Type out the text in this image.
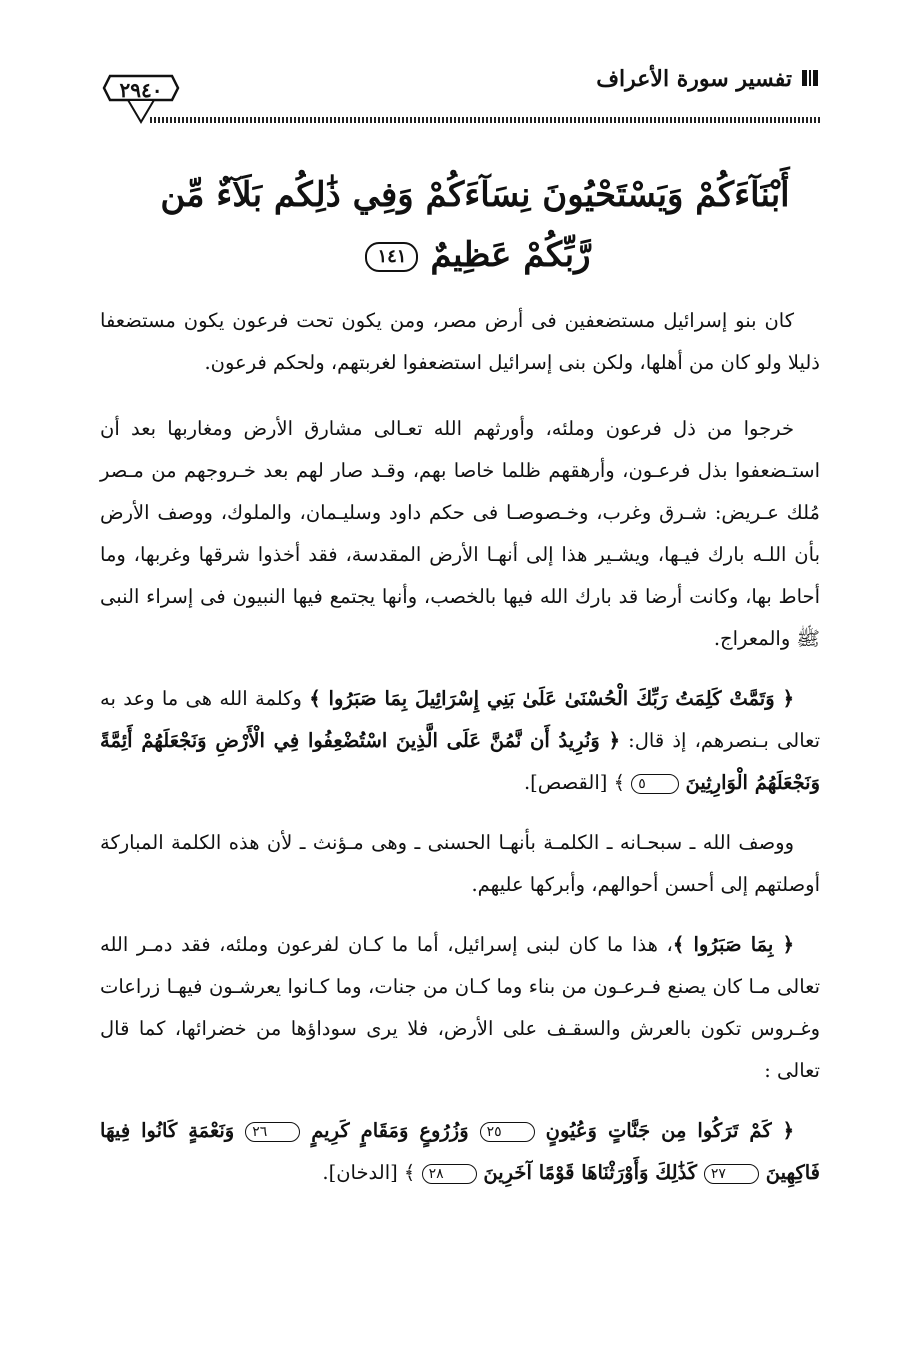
٢٩٤٠	تفسير سورة الأعراف
أَبْنَآءَكُمْ وَيَسْتَحْيُونَ نِسَآءَكُمْ وَفِي ذَٰلِكُم بَلَآءٌ مِّن
رَّبِّكُمْ عَظِيمٌ ١٤١

كان بنو إسرائيل مستضعفين فى أرض مصر، ومن يكون تحت فرعون يكون مستضعفا ذليلا ولو كان من أهلها، ولكن بنى إسرائيل استضعفوا لغربتهم، ولحكم فرعون.

خرجوا من ذل فرعون وملئه، وأورثهم الله تعـالى مشارق الأرض ومغاربها بعد أن استـضعفوا بذل فرعـون، وأرهقهم ظلما خاصا بهم، وقـد صار لهم بعد خـروجهم من مـصر مُلك عـريض: شـرق وغرب، وخـصوصـا فى حكم داود وسليـمان، والملوك، ووصف الأرض بأن اللـه بارك فيـها، ويشـير هذا إلى أنهـا الأرض المقدسة، فقد أخذوا شرقها وغربها، وما أحاط بها، وكانت أرضا قد بارك الله فيها بالخصب، وأنها يجتمع فيها النبيون فى إسراء النبى ﷺ والمعراج.

﴿ وَتَمَّتْ كَلِمَتُ رَبِّكَ الْحُسْنَىٰ عَلَىٰ بَنِي إِسْرَائِيلَ بِمَا صَبَرُوا ﴾ وكلمة الله هى ما وعد به تعالى بـنصرهم، إذ قال: ﴿ وَنُرِيدُ أَن نَّمُنَّ عَلَى الَّذِينَ اسْتُضْعِفُوا فِي الْأَرْضِ وَنَجْعَلَهُمْ أَئِمَّةً وَنَجْعَلَهُمُ الْوَارِثِينَ ٥ ﴾ [القصص].

ووصف الله ـ سبحـانه ـ الكلمـة بأنهـا الحسنى ـ وهى مـؤنث ـ لأن هذه الكلمة المباركة أوصلتهم إلى أحسن أحوالهم، وأبركها عليهم.

﴿ بِمَا صَبَرُوا ﴾، هذا ما كان لبنى إسرائيل، أما ما كـان لفرعون وملئه، فقد دمـر الله تعالى مـا كان يصنع فـرعـون من بناء وما كـان من جنات، وما كـانوا يعرشـون فيهـا زراعات وغـروس تكون بالعرش والسقـف على الأرض، فلا يرى سوداؤها من خضرائها، كما قال تعالى :

﴿ كَمْ تَرَكُوا مِن جَنَّاتٍ وَعُيُونٍ ٢٥ وَزُرُوعٍ وَمَقَامٍ كَرِيمٍ ٢٦ وَنَعْمَةٍ كَانُوا فِيهَا فَاكِهِينَ ٢٧ كَذَٰلِكَ وَأَوْرَثْنَاهَا قَوْمًا آخَرِينَ ٢٨ ﴾ [الدخان].
